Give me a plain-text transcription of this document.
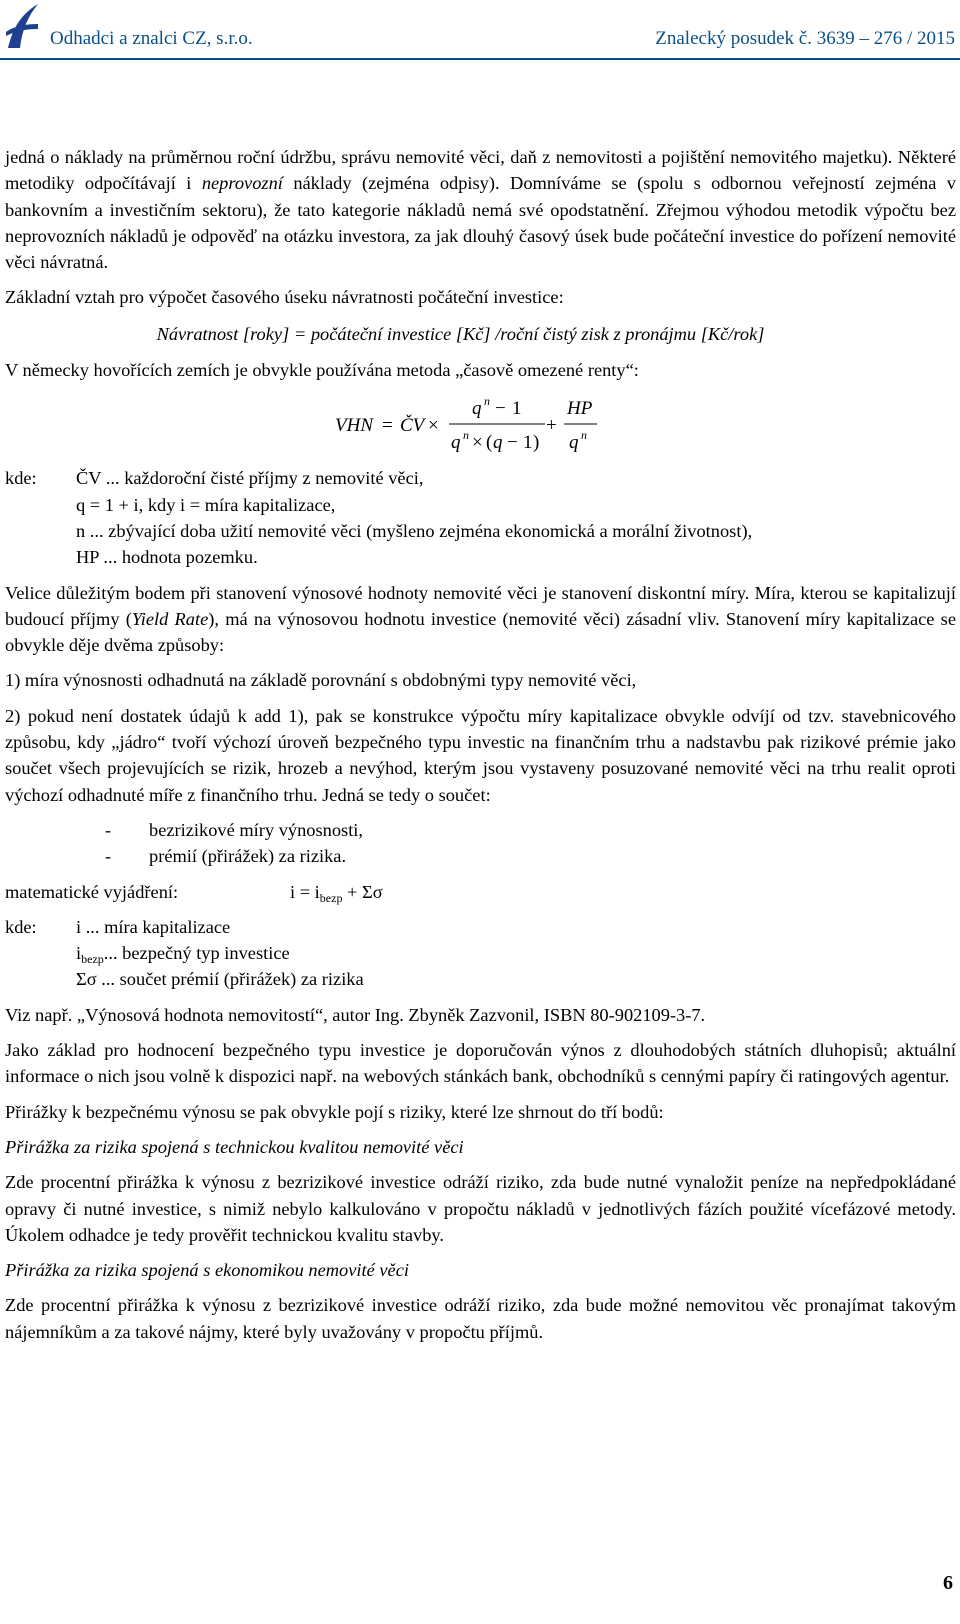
Odhadci a znalci CZ, s.r.o.	Znalecký posudek č. 3639 – 276 / 2015

jedná o náklady na průměrnou roční údržbu, správu nemovité věci, daň z nemovitosti a pojištění nemovitého majetku). Některé metodiky odpočítávají i neprovozní náklady (zejména odpisy). Domníváme se (spolu s odbornou veřejností zejména v bankovním a investičním sektoru), že tato kategorie nákladů nemá své opodstatnění. Zřejmou výhodou metodik výpočtu bez neprovozních nákladů je odpověď na otázku investora, za jak dlouhý časový úsek bude počáteční investice do pořízení nemovité věci návratná.

Základní vztah pro výpočet časového úseku návratnosti počáteční investice:

Návratnost [roky] = počáteční investice [Kč] /roční čistý zisk z pronájmu [Kč/rok]

V německy hovořících zemích je obvykle používána metoda „časově omezené renty“:

VHN = ČV ×
q n − 1
q n × ( q − 1 )
+
HP
q n
kde:	ČV ... každoroční čisté příjmy z nemovité věci,
q = 1 + i, kdy i = míra kapitalizace,
n ... zbývající doba užití nemovité věci (myšleno zejména ekonomická a morální životnost),
HP ... hodnota pozemku.

Velice důležitým bodem při stanovení výnosové hodnoty nemovité věci je stanovení diskontní míry. Míra, kterou se kapitalizují budoucí příjmy (Yield Rate), má na výnosovou hodnotu investice (nemovité věci) zásadní vliv. Stanovení míry kapitalizace se obvykle děje dvěma způsoby:

1) míra výnosnosti odhadnutá na základě porovnání s obdobnými typy nemovité věci,

2) pokud není dostatek údajů k add 1), pak se konstrukce výpočtu míry kapitalizace obvykle odvíjí od tzv. stavebnicového způsobu, kdy „jádro“ tvoří výchozí úroveň bezpečného typu investic na finančním trhu a nadstavbu pak rizikové prémie jako součet všech projevujících se rizik, hrozeb a nevýhod, kterým jsou vystaveny posuzované nemovité věci na trhu realit oproti výchozí odhadnuté míře z finančního trhu. Jedná se tedy o součet:

-	bezrizikové míry výnosnosti,
-	prémií (přirážek) za rizika.
matematické vyjádření:	$i = i_{bezp} + \Sigma\sigma$
kde:	i ... míra kapitalizace
$i_{bezp}$... bezpečný typ investice
Σσ ... součet prémií (přirážek) za rizika

Viz např. „Výnosová hodnota nemovitostí“, autor Ing. Zbyněk Zazvonil, ISBN 80-902109-3-7.

Jako základ pro hodnocení bezpečného typu investice je doporučován výnos z dlouhodobých státních dluhopisů; aktuální informace o nich jsou volně k dispozici např. na webových stánkách bank, obchodníků s cennými papíry či ratingových agentur.

Přirážky k bezpečnému výnosu se pak obvykle pojí s riziky, které lze shrnout do tří bodů:

Přirážka za rizika spojená s technickou kvalitou nemovité věci

Zde procentní přirážka k výnosu z bezrizikové investice odráží riziko, zda bude nutné vynaložit peníze na nepředpokládané opravy či nutné investice, s nimiž nebylo kalkulováno v propočtu nákladů v jednotlivých fázích použité vícefázové metody. Úkolem odhadce je tedy prověřit technickou kvalitu stavby.

Přirážka za rizika spojená s ekonomikou nemovité věci

Zde procentní přirážka k výnosu z bezrizikové investice odráží riziko, zda bude možné nemovitou věc pronajímat takovým nájemníkům a za takové nájmy, které byly uvažovány v propočtu příjmů.

6
